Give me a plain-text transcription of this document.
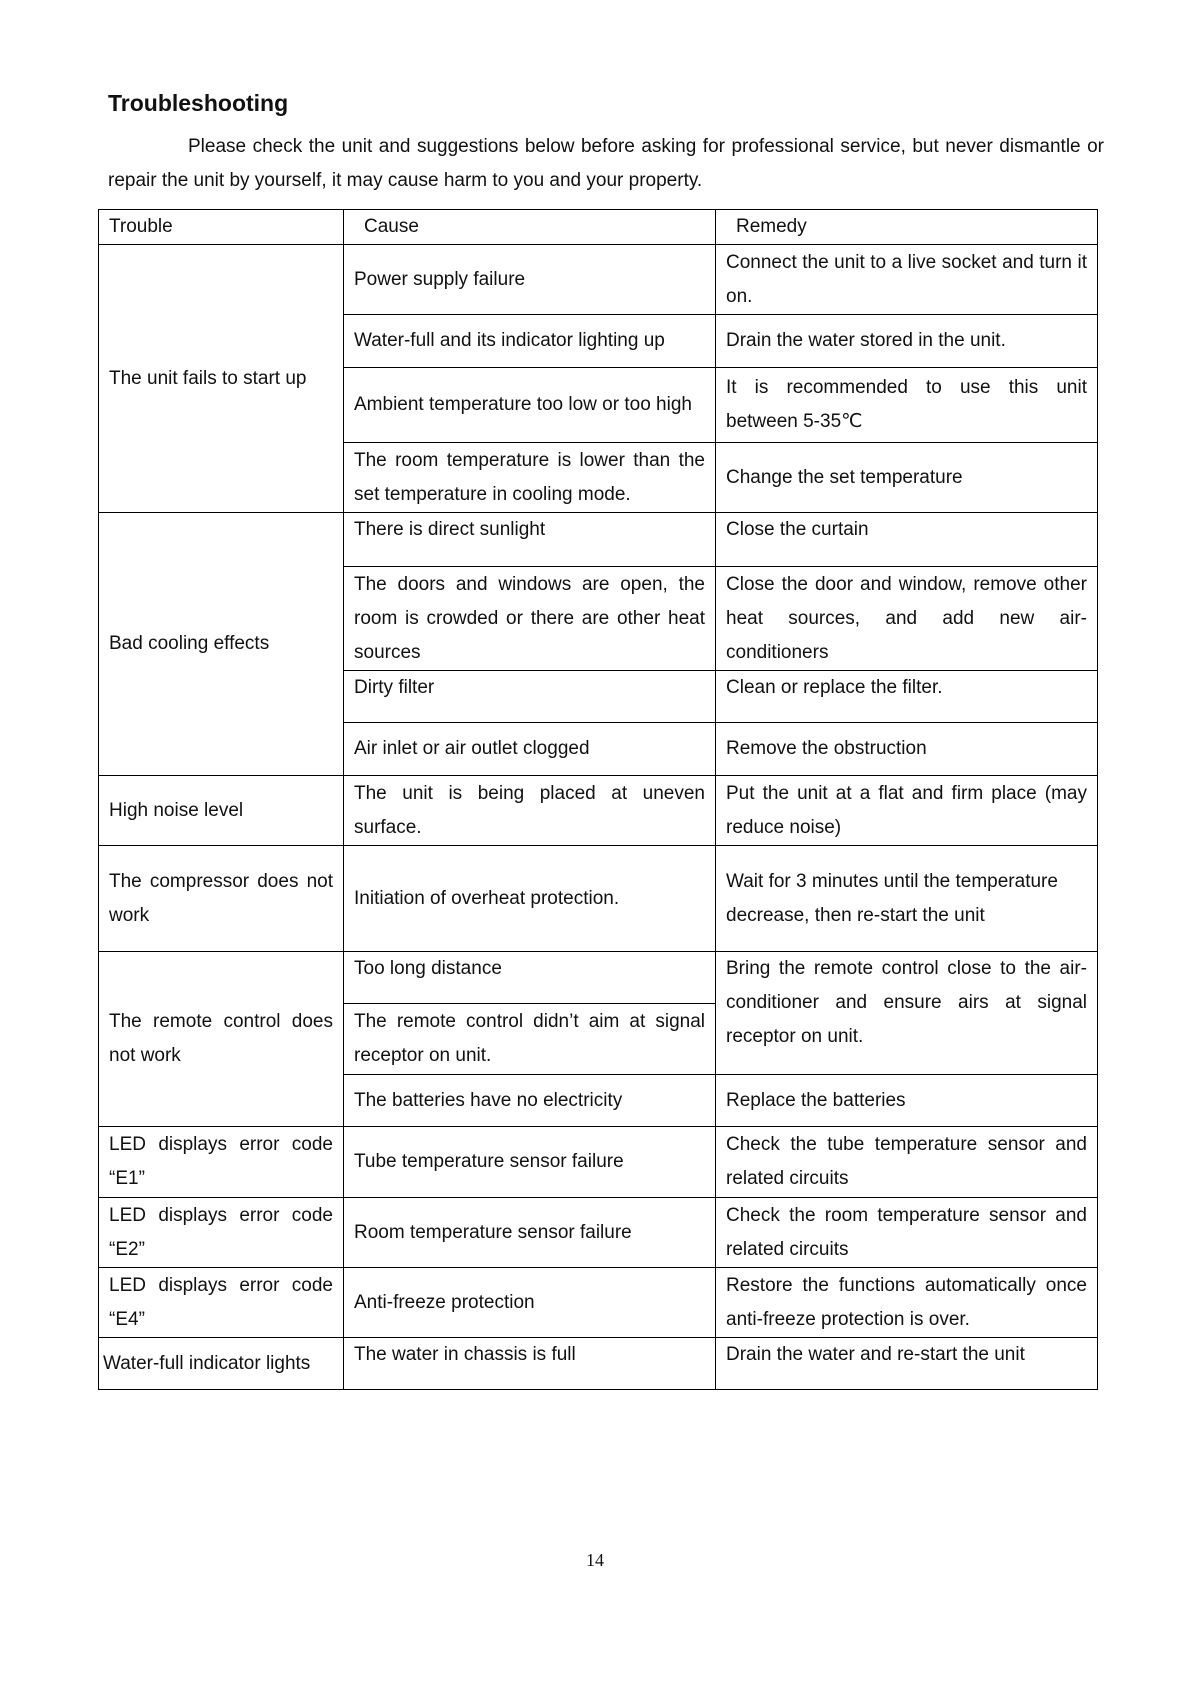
Troubleshooting

Please check the unit and suggestions below before asking for professional service, but never dismantle or repair the unit by yourself, it may cause harm to you and your property.

Trouble	Cause	Remedy
The unit fails to start up	Power supply failure	Connect the unit to a live socket and turn it on.
	Water-full and its indicator lighting up	Drain the water stored in the unit.
	Ambient temperature too low or too high	It is recommended to use this unit between 5-35℃
	The room temperature is lower than the set temperature in cooling mode.	Change the set temperature
Bad cooling effects	There is direct sunlight	Close the curtain
	The doors and windows are open, the room is crowded or there are other heat sources	Close the door and window, remove other heat sources, and add new air-conditioners
	Dirty filter	Clean or replace the filter.
	Air inlet or air outlet clogged	Remove the obstruction
High noise level	The unit is being placed at uneven surface.	Put the unit at a flat and firm place (may reduce noise)
The compressor does not work	Initiation of overheat protection.	Wait for 3 minutes until the temperature decrease, then re-start the unit
The remote control does not work	Too long distance	Bring the remote control close to the air-conditioner and ensure airs at signal receptor on unit.
	The remote control didn’t aim at signal receptor on unit.	
	The batteries have no electricity	Replace the batteries
LED displays error code “E1”	Tube temperature sensor failure	Check the tube temperature sensor and related circuits
LED displays error code “E2”	Room temperature sensor failure	Check the room temperature sensor and related circuits
LED displays error code “E4”	Anti-freeze protection	Restore the functions automatically once anti-freeze protection is over.
Water-full indicator lights	The water in chassis is full	Drain the water and re-start the unit
14
